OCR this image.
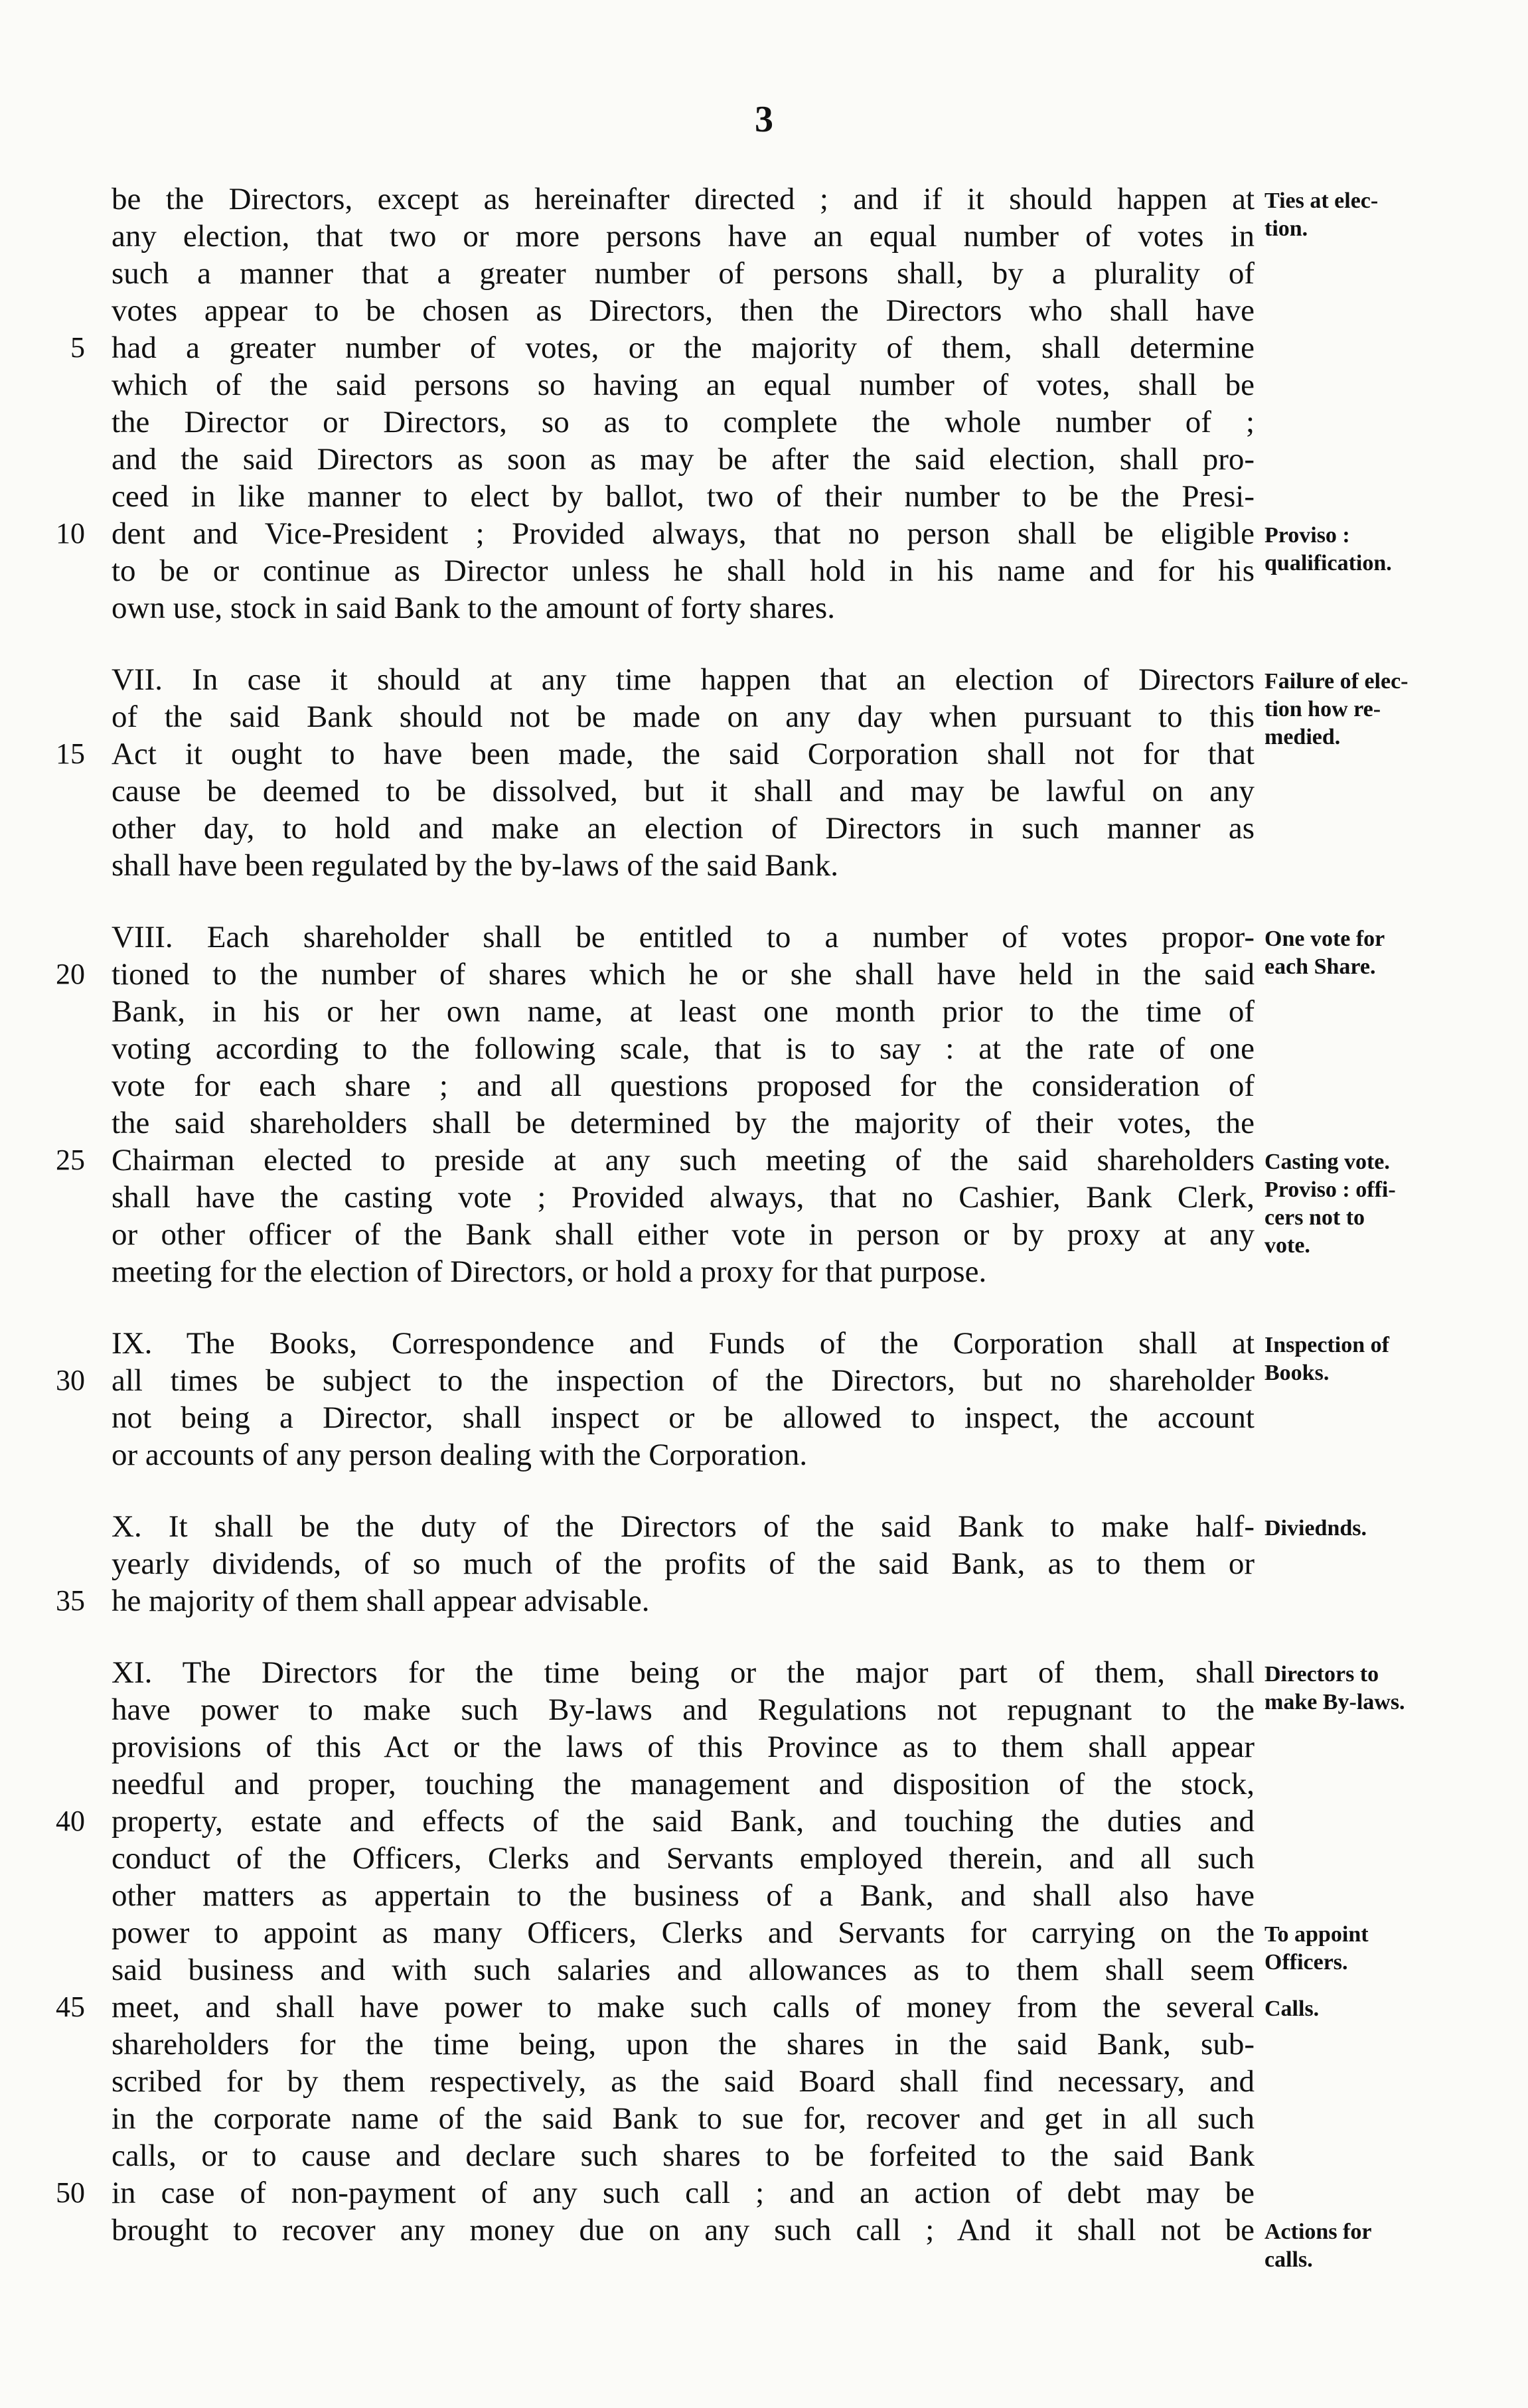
3
be the Directors, except as hereinafter directed ; and if it should happen at
any election, that two or more persons have an equal number of votes in
such a manner that a greater number of persons shall, by a plurality of
votes appear to be chosen as Directors, then the Directors who shall have
had a greater number of votes, or the majority of them, shall determine
which of the said persons so having an equal number of votes, shall be
the Director or Directors, so as to complete the whole number of ;
and the said Directors as soon as may be after the said election, shall pro-
ceed in like manner to elect by ballot, two of their number to be the Presi-
dent and Vice-President ; Provided always, that no person shall be eligible
to be or continue as Director unless he shall hold in his name and for his
own use, stock in said Bank to the amount of forty shares.
VII. In case it should at any time happen that an election of Directors
of the said Bank should not be made on any day when pursuant to this
Act it ought to have been made, the said Corporation shall not for that
cause be deemed to be dissolved, but it shall and may be lawful on any
other day, to hold and make an election of Directors in such manner as
shall have been regulated by the by-laws of the said Bank.
VIII. Each shareholder shall be entitled to a number of votes propor-
tioned to the number of shares which he or she shall have held in the said
Bank, in his or her own name, at least one month prior to the time of
voting according to the following scale, that is to say : at the rate of one
vote for each share ; and all questions proposed for the consideration of
the said shareholders shall be determined by the majority of their votes, the
Chairman elected to preside at any such meeting of the said shareholders
shall have the casting vote ; Provided always, that no Cashier, Bank Clerk,
or other officer of the Bank shall either vote in person or by proxy at any
meeting for the election of Directors, or hold a proxy for that purpose.
IX. The Books, Correspondence and Funds of the Corporation shall at
all times be subject to the inspection of the Directors, but no shareholder
not being a Director, shall inspect or be allowed to inspect, the account
or accounts of any person dealing with the Corporation.
X. It shall be the duty of the Directors of the said Bank to make half-
yearly dividends, of so much of the profits of the said Bank, as to them or
he majority of them shall appear advisable.
XI. The Directors for the time being or the major part of them, shall
have power to make such By-laws and Regulations not repugnant to the
provisions of this Act or the laws of this Province as to them shall appear
needful and proper, touching the management and disposition of the stock,
property, estate and effects of the said Bank, and touching the duties and
conduct of the Officers, Clerks and Servants employed therein, and all such
other matters as appertain to the business of a Bank, and shall also have
power to appoint as many Officers, Clerks and Servants for carrying on the
said business and with such salaries and allowances as to them shall seem
meet, and shall have power to make such calls of money from the several
shareholders for the time being, upon the shares in the said Bank, sub-
scribed for by them respectively, as the said Board shall find necessary, and
in the corporate name of the said Bank to sue for, recover and get in all such
calls, or to cause and declare such shares to be forfeited to the said Bank
in case of non-payment of any such call ; and an action of debt may be
brought to recover any money due on any such call ; And it shall not be
5
10
15
20
25
30
35
40
45
50
Ties at elec-
tion.
Proviso :
qualification.
Failure of elec-
tion how re-
medied.
One vote for
each Share.
Casting vote.
Proviso : offi-
cers not to
vote.
Inspection of
Books.
Diviednds.
Directors to
make By-laws.
To appoint
Officers.
Calls.
Actions for
calls.
